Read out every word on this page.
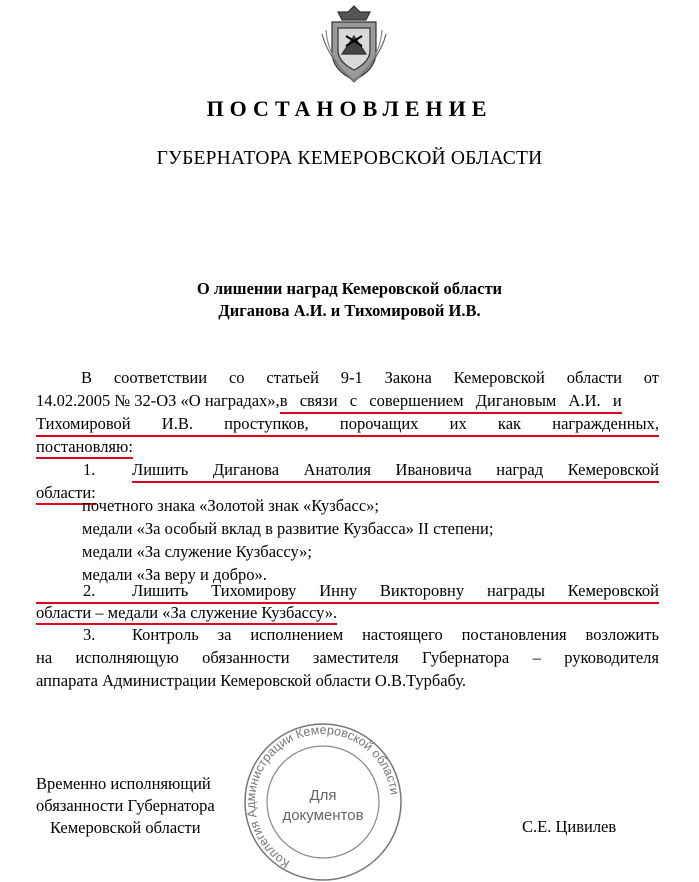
ПОСТАНОВЛЕНИЕ
ГУБЕРНАТОРА КЕМЕРОВСКОЙ ОБЛАСТИ
О лишении наград Кемеровской области
Диганова А.И. и Тихомировой И.В.
В соответствии со статьей 9-1 Закона Кемеровской области от
14.02.2005 № 32-ОЗ «О наградах»,в связи с совершением Дигановым А.И. и
Тихомировой И.В. проступков, порочащих их как награжденных,
постановляю:
1. Лишить Диганова Анатолия Ивановича наград Кемеровской
области:
почетного знака «Золотой знак «Кузбасс»;
медали «За особый вклад в развитие Кузбасса» II степени;
медали «За служение Кузбассу»;
медали «За веру и добро».
2. Лишить Тихомирову Инну Викторовну награды Кемеровской
области – медали «За служение Кузбассу».
3. Контроль за исполнением настоящего постановления возложить
на исполняющую обязанности заместителя Губернатора – руководителя
аппарата Администрации Кемеровской области О.В.Турбабу.
Временно исполняющий
обязанности Губернатора
Кемеровской области	С.Е. Цивилев
Коллегия Администрации Кемеровской области
Для
документов
